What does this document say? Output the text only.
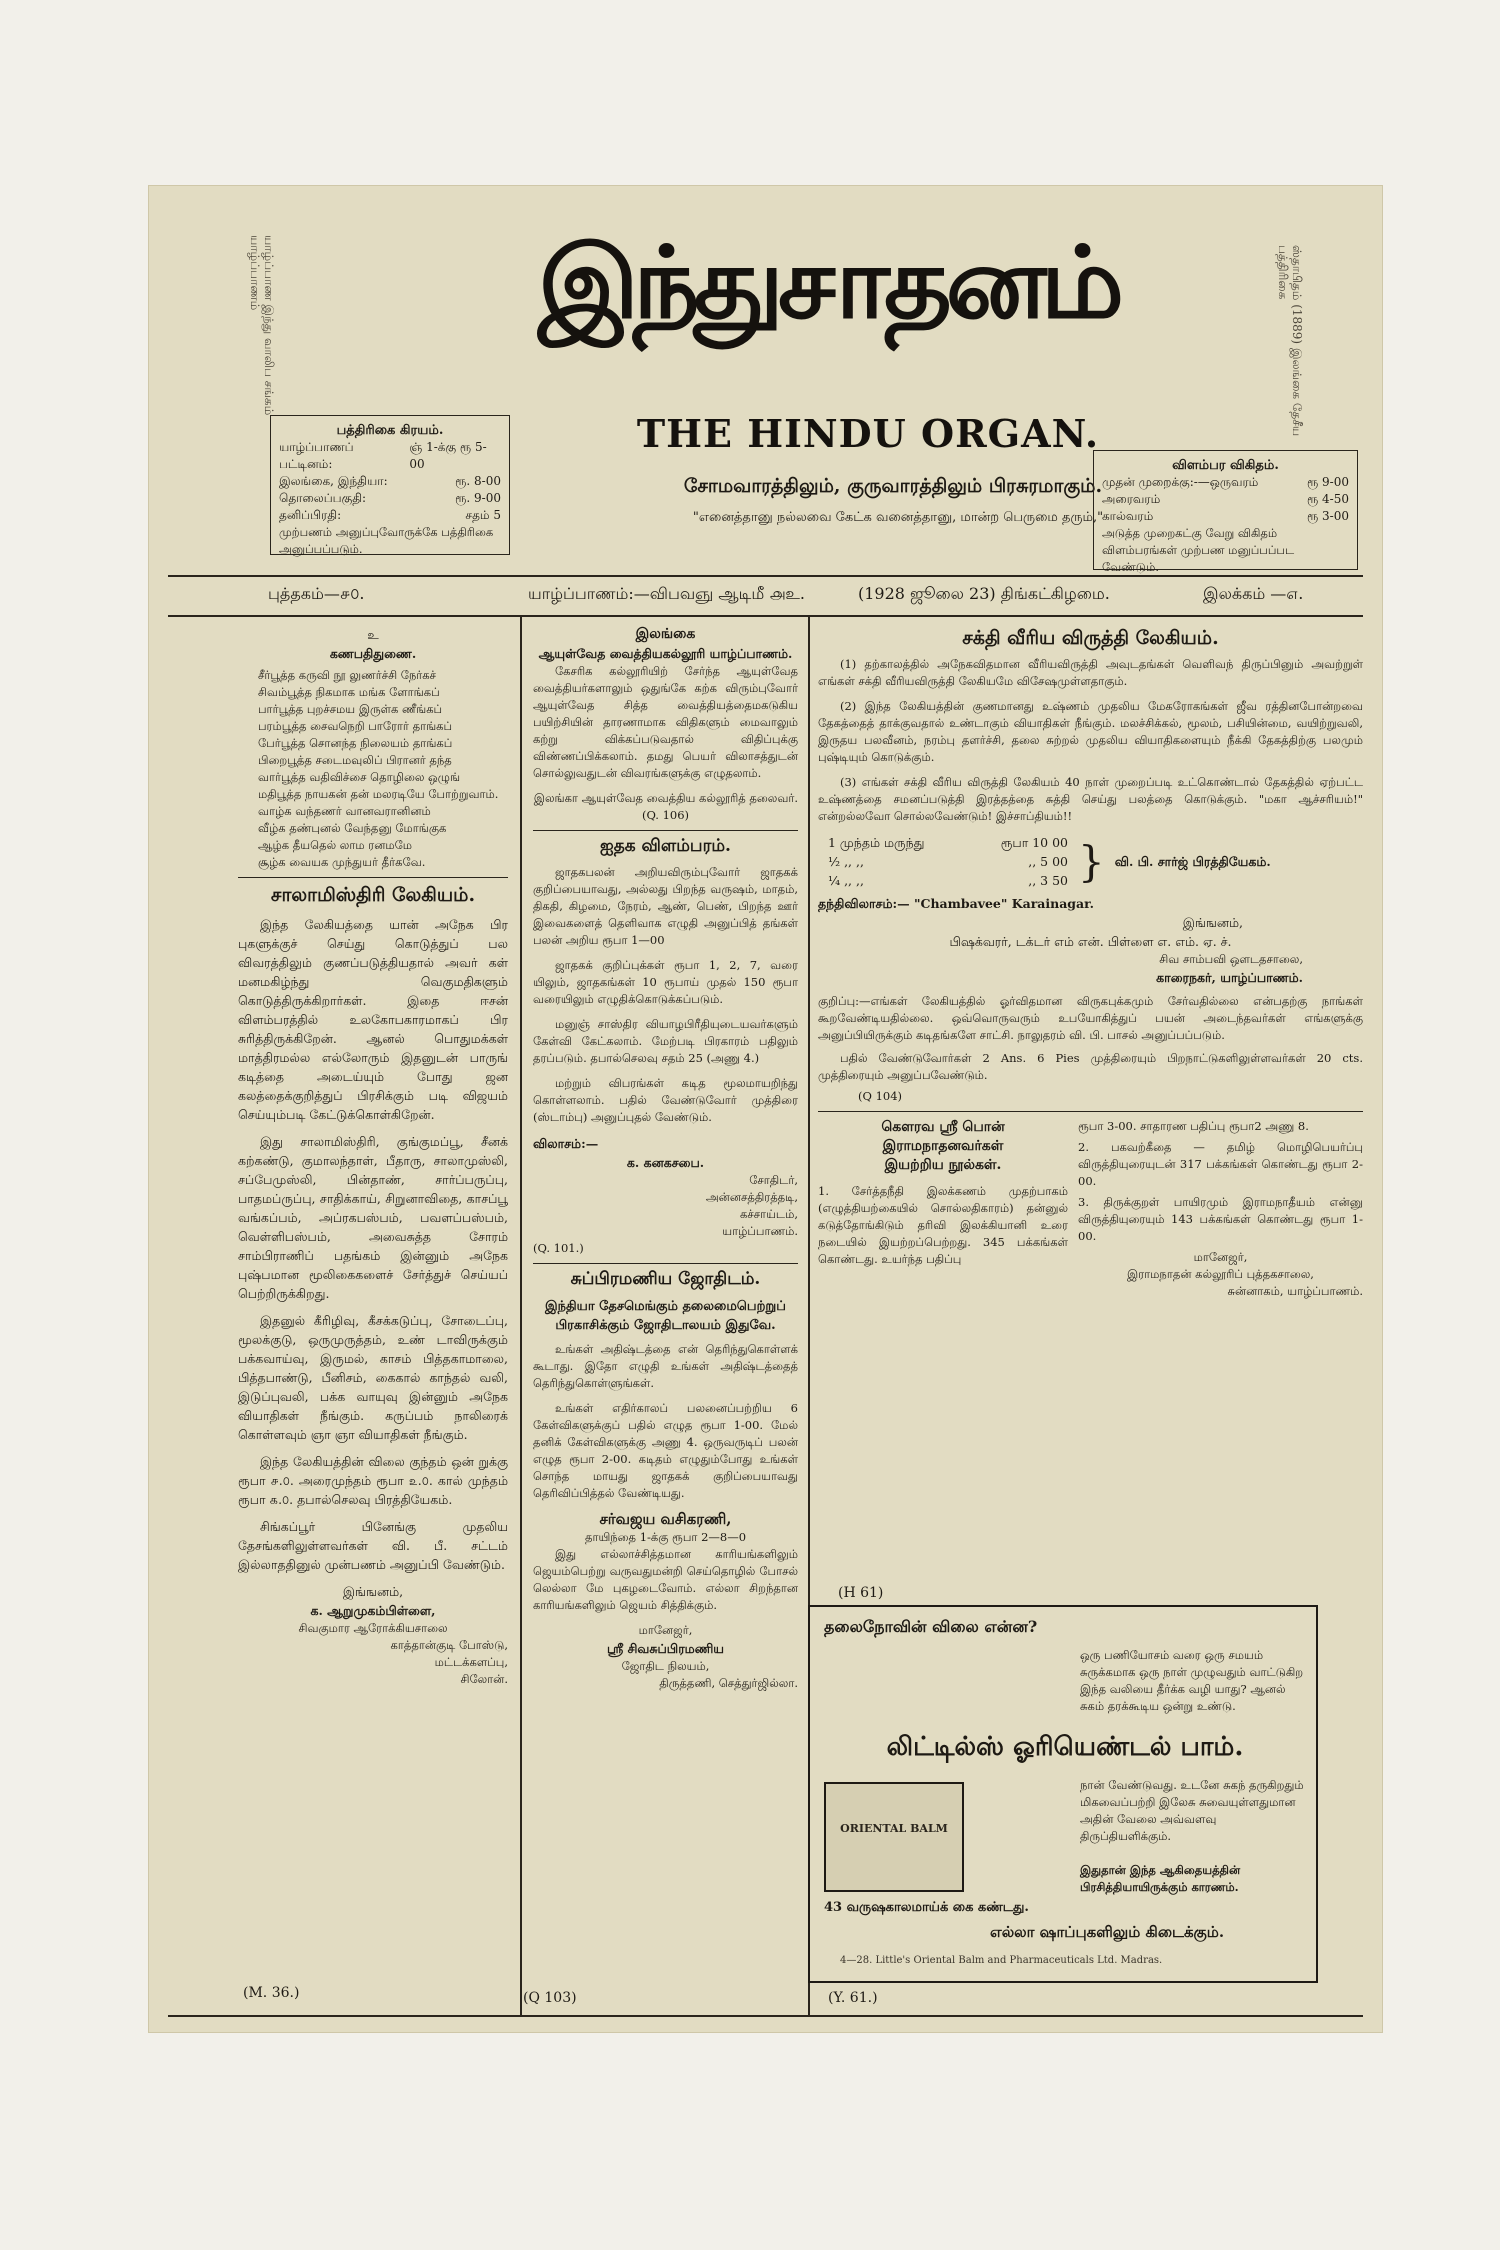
யாழ்ப்பாண இந்து வாலிப சங்கம் யாழ்ப்பாணம்	ஸ்தாபிதம் (1889) இலங்கை தேசீய பத்திரிகை
இந்துசாதனம்
THE HINDU ORGAN.
சோமவாரத்திலும், குருவாரத்திலும் பிரசுரமாகும்.
"எனைத்தானு நல்லவை கேட்க வனைத்தானு, மான்ற பெருமை தரும்,"
பத்திரிகை கிரயம்.
யாழ்ப்பாணப் பட்டினம்:
ஞ் 1-க்கு ரூ 5-00
இலங்கை, இந்தியா:	ரூ. 8-00
தொலைப்பகுதி:	ரூ. 9-00
தனிப்பிரதி:	சதம் 5
முற்பணம் அனுப்புவோருக்கே பத்திரிகை அனுப்பப்படும்.
விளம்பர விகிதம்.
முதன் முறைக்கு:-—ஒருவரம்	ரூ 9-00
அரைவரம்	ரூ 4-50
கால்வரம்	ரூ 3-00
அடுத்த முறைகட்கு வேறு விகிதம் விளம்பரங்கள் முற்பண மனுப்பப்பட வேண்டும்.
புத்தகம்—௪௦.	யாழ்ப்பாணம்:—விபவஞு ஆடிமீ ௮உ.	(1928 ஜூலை 23) திங்கட்கிழமை.	இலக்கம் —௭.
உ
கணபதிதுணை.
சீர்பூத்த கருவி நூ லுணர்ச்சி நேர்கச்
சிவம்பூத்த நிகமாக மங்க ளோங்கப்
பார்பூத்த புறச்சமய இருள்க ணீங்கப்
பரம்பூத்த சைவநெறி பாரோர் தாங்கப்
பேர்பூத்த சொனந்த நிலையம் தாங்கப்
பிறைபூத்த சடைமவுலிப் பிரானர் தந்த
வார்பூத்த வதிவிச்சை தொழிலை ஒழுங்
மதிபூத்த நாயகன் தன் மலரடியே போற்றுவாம்.
வாழ்க வந்தணர் வானவரானினம்
வீழ்க தண்புனல் வேந்தனு மோங்குக
ஆழ்க தீயதெல் லாம ரனமமே
சூழ்க வையக முந்துயர் தீர்கவே.
சாலாமிஸ்திரி லேகியம்.

இந்த லேகியத்தை யான் அநேக பிர புகளுக்குச் செய்து கொடுத்துப் பல விவரத்திலும் குணப்படுத்தியதால் அவர் கள் மனமகிழ்ந்து வெகுமதிகளும் கொடுத்திருக்கிறார்கள். இதை ஈசன் விளம்பரத்தில் உலகோபகாரமாகப் பிர சுரித்திருக்கிறேன். ஆனல் பொதுமக்கள் மாத்திரமல்ல எல்லோரும் இதனுடன் பாருங் கடித்தை அடைய்யும் போது ஜன கலத்தைக்குறித்துப் பிரசிக்கும் படி விஜயம் செய்யும்படி கேட்டுக்கொள்கிறேன்.

இது சாலாமிஸ்திரி, குங்குமப்பூ, சீனக் கற்கண்டு, குமாலந்தாள், பீதாரு, சாலாமுஸ்லி, சப்பேமுஸ்லி, பின்தாண், சார்ப்பருப்பு, பாதமப்ருப்பு, சாதிக்காய், சிறுனாவிதை, காசப்பூ வங்கப்பம், அப்ரகபஸ்பம், பவளப்பஸ்பம், வெள்ளிபஸ்பம், அவைசுத்த சோரம் சாம்பிராணிப் பதங்கம் இன்னும் அநேக புஷ்பமான மூலிகைகளைச் சேர்த்துச் செய்யப் பெற்றிருக்கிறது.

இதனுல் கீரிழிவு, கீசக்கடுப்பு, சோடைப்பு, மூலக்குடு, ஒருமுருத்தம், உண் டாவிருக்கும் பக்கவாய்வு, இருமல், காசம் பித்தகாமாலை, பித்தபாண்டு, பீனிசம், கைகால் காந்தல் வலி, இடுப்புவலி, பக்க வாயுவு இன்னும் அநேக வியாதிகள் நீங்கும். கருப்பம் நாலிரைக் கொள்ளவும் ஞா ஞா வியாதிகள் நீங்கும்.

இந்த லேகியத்தின் விலை குந்தம் ஒன் றுக்கு ரூபா ௪.௦. அரைமுந்தம் ரூபா ௨.௦. கால் முந்தம் ரூபா ௧.௦. தபால்செலவு பிரத்தியேகம்.

சிங்கப்பூர் பினேங்கு முதலிய தேசங்களிலுள்ளவர்கள் வி. பீ. சட்டம் இல்லாததினுல் முன்பணம் அனுப்பி வேண்டும்.

இங்ஙனம்,
க. ஆறுமுகம்பிள்ளை,
சிவகுமார ஆரோக்கியசாலை
காத்தான்குடி போஸ்டு,
மட்டக்களப்பு,
சிலோன்.
(M. 36.)
இலங்கை
ஆயுள்வேத வைத்தியகல்லூரி யாழ்ப்பாணம்.

கேசரிக கல்லூரியிற் சேர்ந்த ஆயுள்வேத வைத்தியர்களாலும் ஒதுங்கே கற்க விரும்புவோர் ஆயுள்வேத சித்த வைத்தியத்தைமகடுகிய பயிற்சியின் தாரணாமாக விதிகளும் மைவாலும் கற்று விக்கப்படுவதால் விதிப்புக்கு விண்ணப்பிக்கலாம். தமது பெயர் விலாசத்துடன் சொல்லுவதுடன் விவரங்களுக்கு எழுதலாம்.

இலங்கா ஆயுள்வேத வைத்திய கல்லூரித் தலைவர்.
(Q. 106)
ஐதக விளம்பரம்.

ஜாதகபலன் அறியவிரும்புவோர் ஜாதகக் குறிப்பையாவது, அல்லது பிறந்த வருஷம், மாதம், திகதி, கிழமை, நேரம், ஆண், பெண், பிறந்த ஊர் இவைகளைத் தெளிவாக எழுதி அனுப்பித் தங்கள் பலன் அறிய ரூபா 1—00

ஜாதகக் குறிப்புக்கள் ரூபா 1, 2, 7, வரை யிலும், ஜாதகங்கள் 10 ரூபாய் முதல் 150 ரூபா வரையிலும் எழுதிக்கொடுக்கப்படும்.

மனுஞ் சாஸ்திர வியாழபிரீதியுடையவர்களும் கேள்வி கேட்கலாம். மேற்படி பிரகாரம் பதிலும் தரப்படும். தபால்செலவு சதம் 25 (அணு 4.)

மற்றும் விபரங்கள் கடித மூலமாயறிந்து கொள்ளலாம். பதில் வேண்டுவோர் முத்திரை (ஸ்டாம்பு) அனுப்புதல் வேண்டும்.

விலாசம்:—
க. கனகசபை.
சோதிடர்,
அன்னசத்திரத்தடி,
கச்சாய்டம்,
யாழ்ப்பாணம்.
(Q. 101.)
சுப்பிரமணிய ஜோதிடம்.
இந்தியா தேசமெங்கும் தலைமைபெற்றுப் பிரகாசிக்கும் ஜோதிடாலயம் இதுவே.

உங்கள் அதிஷ்டத்தை என் தெரிந்துகொள்ளக் கூடாது. இதோ எழுதி உங்கள் அதிஷ்டத்தைத் தெரிந்துகொள்ளுங்கள்.

உங்கள் எதிர்காலப் பலனைப்பற்றிய 6 கேள்விகளுக்குப் பதில் எழுத ரூபா 1-00. மேல் தனிக் கேள்விகளுக்கு அணு 4. ஒருவருடிப் பலன் எழுத ரூபா 2-00. கடிதம் எழுதும்போது உங்கள் சொந்த மாயது ஜாதகக் குறிப்பையாவது தெரிவிப்பித்தல் வேண்டியது.

சர்வஜய வசிகரணி,
தாயிந்தை 1-க்கு ரூபா 2—8—0

இது எல்லாச்சித்தமான காரியங்களிலும் ஜெயம்பெற்று வருவதுமன்றி செய்தொழில் போசல் லெல்லா மே புகழடைவோம். எல்லா சிறந்தான காரியங்களிலும் ஜெயம் சித்திக்கும்.

மானேஜர்,
ஸ்ரீ சிவசுப்பிரமணிய
ஜோதிட நிலயம்,
திருத்தணி, செத்துர்ஜில்லா.
(Q 103)
சக்தி வீரிய விருத்தி லேகியம்.

(1) தற்காலத்தில் அநேகவிதமான வீரியவிருத்தி அவுடதங்கள் வெளிவந் திருப்பினும் அவற்றுள் எங்கள் சக்தி வீரியவிருத்தி லேகியமே விசேஷமுள்ளதாகும்.

(2) இந்த லேகியத்தின் குணமானது உஷ்ணம் முதலிய மேகரோகங்கள் ஜீவ ரத்தினபோன்றவை தேகத்தைத் தாக்குவதால் உண்டாகும் வியாதிகள் நீங்கும். மலச்சிக்கல், மூலம், பசியின்மை, வயிற்றுவலி, இருதய பலவீனம், நரம்பு தளர்ச்சி, தலை சுற்றல் முதலிய வியாதிகளையும் நீக்கி தேகத்திற்கு பலமும் புஷ்டியும் கொடுக்கும்.

(3) எங்கள் சக்தி வீரிய விருத்தி லேகியம் 40 நாள் முறைப்படி உட்கொண்டால் தேகத்தில் ஏற்பட்ட உஷ்ணத்தை சமனப்படுத்தி இரத்தத்தை சுத்தி செய்து பலத்தை கொடுக்கும். "மகா ஆச்சரியம்!" என்றல்லவோ சொல்லவேண்டும்! இச்சாப்தியம்!!

1 முந்தம் மருந்து	ரூபா 10 00
½ ,, ,,	,, 5 00
¼ ,, ,,	,, 3 50 } வி. பி. சார்ஜ் பிரத்தியேகம்.
தந்திவிலாசம்:— "Chambavee" Karainagar.
இங்ஙனம்,
பிஷக்வரர், டக்டர் எம் என். பிள்ளை எ. எம். ஏ. ச்.
சிவ சாம்பவி ஒளடதசாலை,
காரைநகர், யாழ்ப்பாணம்.

குறிப்பு:—எங்கள் லேகியத்தில் ஓர்விதமான விருகபுக்கமும் சேர்வதில்லை என்பதற்கு நாங்கள் கூறவேண்டியதில்லை. ஒவ்வொருவரும் உபயோகித்துப் பயன் அடைந்தவர்கள் எங்களுக்கு அனுப்பியிருக்கும் கடிதங்களே சாட்சி. நாலுதரம் வி. பி. பாசல் அனுப்பப்படும்.

பதில் வேண்டுவோர்கள் 2 Ans. 6 Pies முத்திரையும் பிறநாட்டுகளிலுள்ளவர்கள் 20 cts. முத்திரையும் அனுப்பவேண்டும்.

(Q 104)
கௌரவ ஸ்ரீ பொன்
இராமநாதனவர்கள்
இயற்றிய நூல்கள்.

1. சேர்த்தநீதி இலக்கணம் முதற்பாகம் (எழுத்தியற்கையில் சொல்லதிகாரம்) தன்னுல் கடுத்தோங்கிடும் தரிவி இலக்கியானி உரை நடையில் இயற்றப்பெற்றது. 345 பக்கங்கள் கொண்டது. உயர்ந்த பதிப்பு

ரூபா 3-00. சாதாரண பதிப்பு ரூபா2 அணு 8.

2. பகவற்கீதை — தமிழ் மொழிபெயர்ப்பு விருத்தியுரையுடன் 317 பக்கங்கள் கொண்டது ரூபா 2-00.

3. திருக்குறள் பாயிரமும் இராமநாதீயம் என்னு விருத்தியுரையும் 143 பக்கங்கள் கொண்டது ரூபா 1-00.

மானேஜர்,
இராமநாதன் கல்லூரிப் புத்தகசாலை,
சுன்னாகம், யாழ்ப்பாணம்.
(H 61)
தலைநோவின் விலை என்ன?
ஒரு பணியோசம் வரை ஒரு சமயம் சுருக்கமாக ஒரு நாள் முழுவதும் வாட்டுகிற இந்த வலியை தீர்க்க வழி யாது? ஆனல் சுகம் தரக்கூடிய ஒன்று உண்டு.
லிட்டில்ஸ் ஓரியெண்டல் பாம்.
ORIENTAL BALM
நான் வேண்டுவது. உடனே சுகந் தருகிறதும் மிகவைப்பற்றி இலேசு சுவையுள்ளதுமான அதின் வேலை அவ்வளவு திருப்தியளிக்கும்.
இதுதான் இந்த ஆகிதையத்தின் பிரசித்தியாயிருக்கும் காரணம்.
43 வருஷகாலமாய்க் கை கண்டது.
எல்லா ஷாப்புகளிலும் கிடைக்கும்.
4—28. Little's Oriental Balm and Pharmaceuticals Ltd. Madras.
(Y. 61.)
